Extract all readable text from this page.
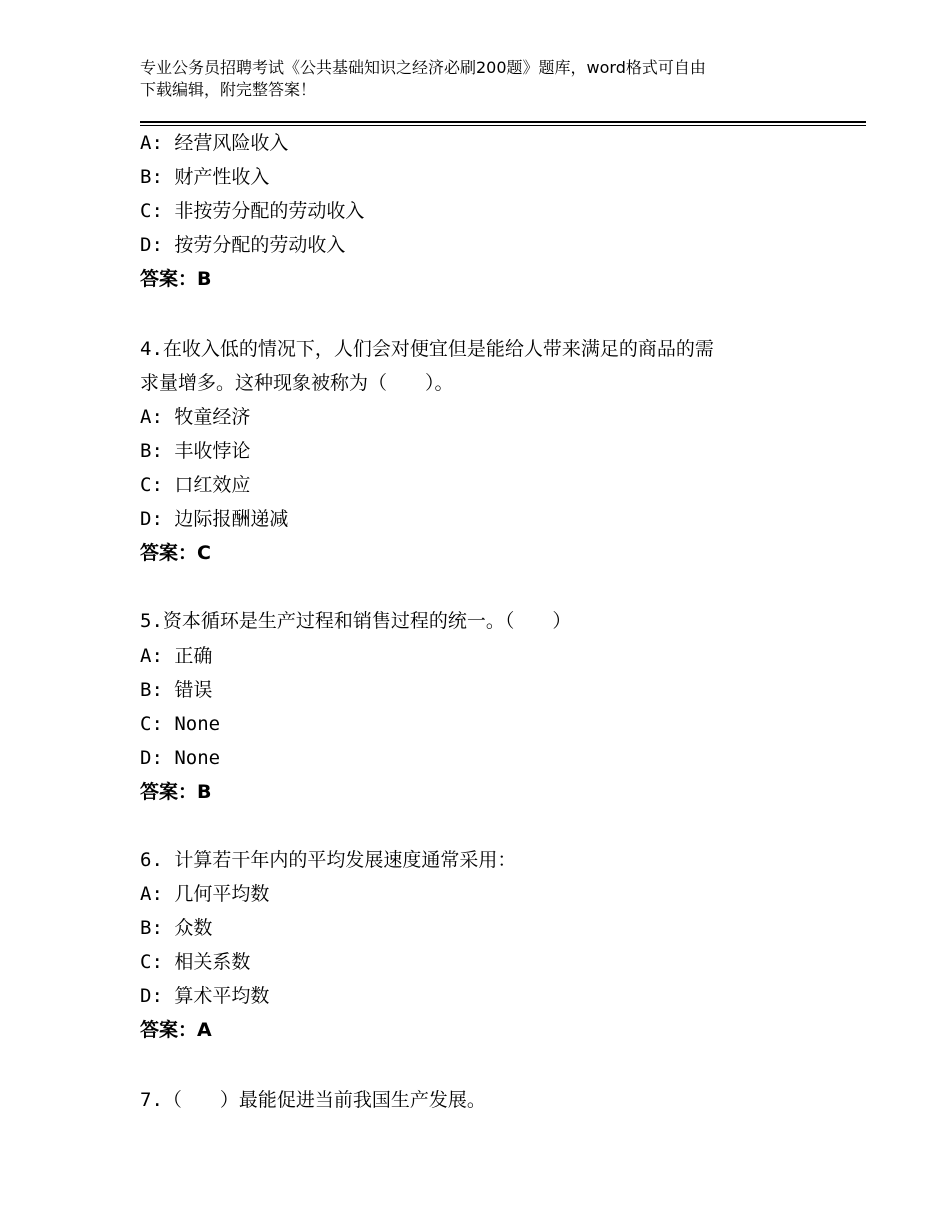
专业公务员招聘考试《公共基础知识之经济必刷200题》题库，word格式可自由
下载编辑，附完整答案！
A: 经营风险收入
B: 财产性收入
C: 非按劳分配的劳动收入
D: 按劳分配的劳动收入
答案：B
4.在收入低的情况下，人们会对便宜但是能给人带来满足的商品的需
求量增多。这种现象被称为（　　）。
A: 牧童经济
B: 丰收悖论
C: 口红效应
D: 边际报酬递减
答案：C
5.资本循环是生产过程和销售过程的统一。（　　）
A: 正确
B: 错误
C: None
D: None
答案：B
6. 计算若干年内的平均发展速度通常采用：
A: 几何平均数
B: 众数
C: 相关系数
D: 算术平均数
答案：A
7.（　　）最能促进当前我国生产发展。
